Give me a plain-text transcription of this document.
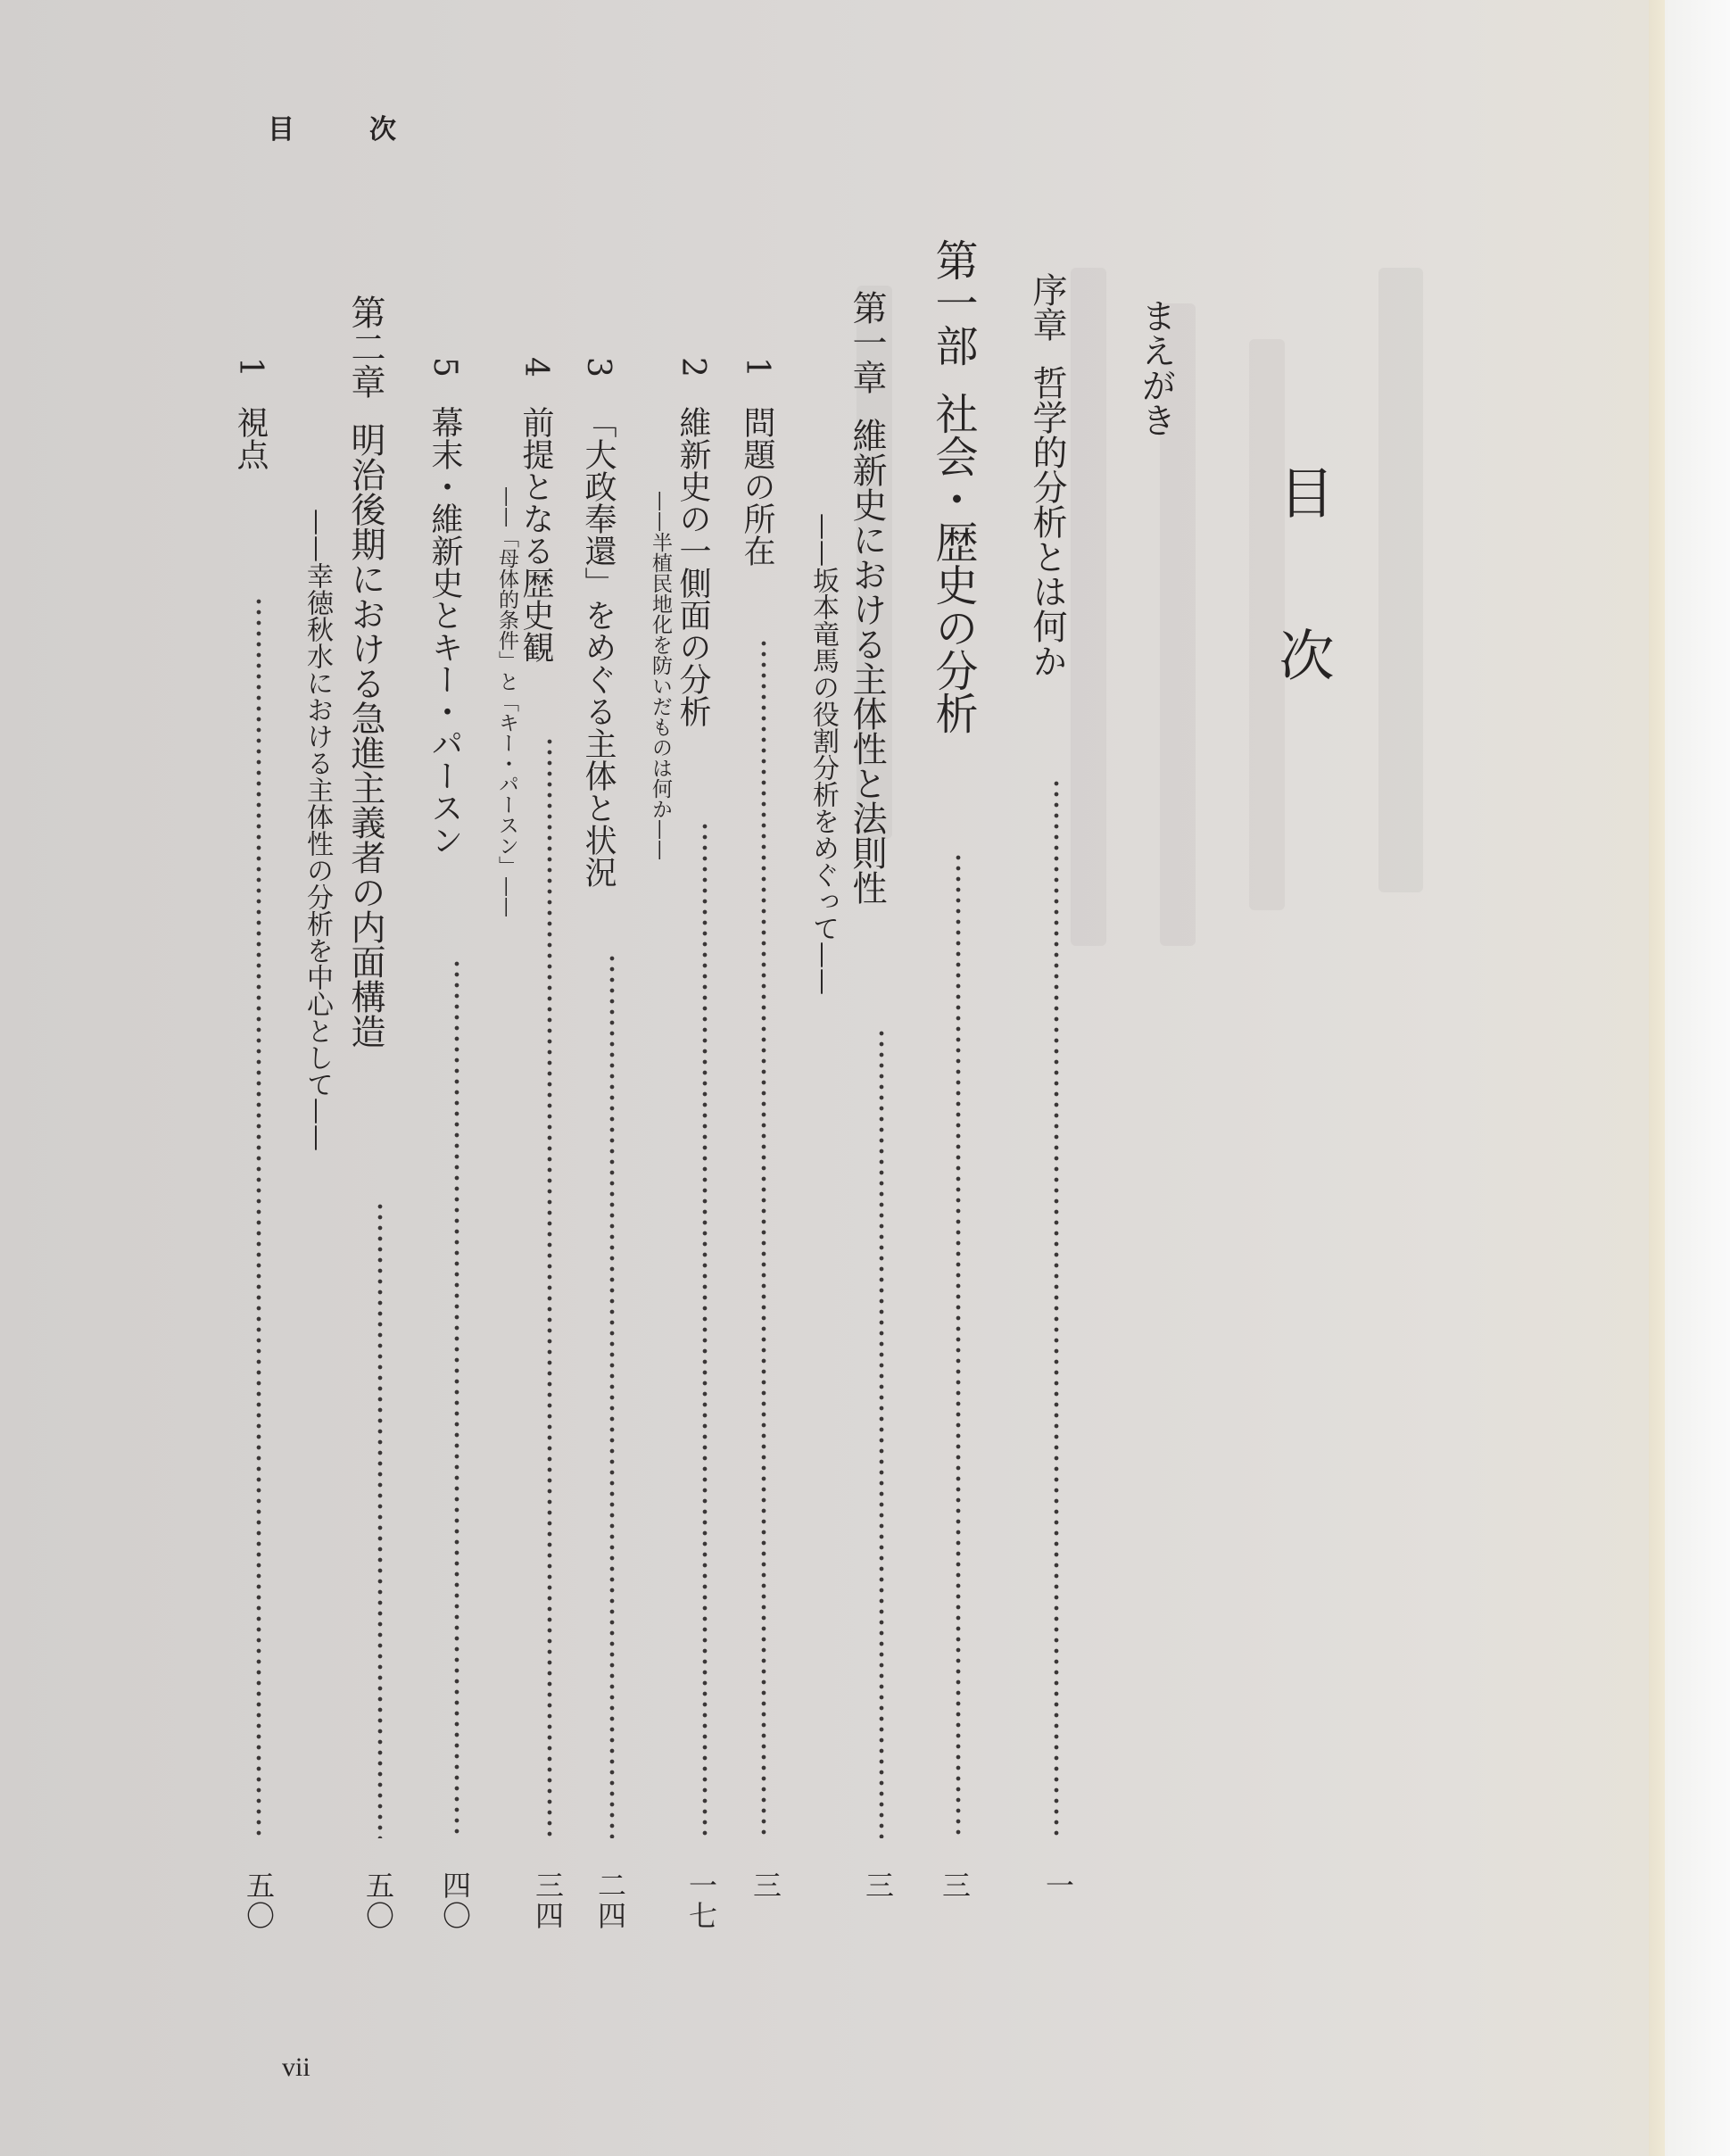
目次
vii
目次
まえがき
序章哲学的分析とは何か
一
第一部社会・歴史の分析
三
第一章維新史における主体性と法則性
——坂本竜馬の役割分析をめぐって——
三
1問題の所在
三
2維新史の一側面の分析
——半植民地化を防いだものは何か——
一七
3「大政奉還」をめぐる主体と状況
二四
4前提となる歴史観
——「母体的条件」と「キー・パースン」——
三四
5幕末・維新史とキー・パースン
四〇
第二章明治後期における急進主義者の内面構造
——幸徳秋水における主体性の分析を中心として——
五〇
1視点
五〇
